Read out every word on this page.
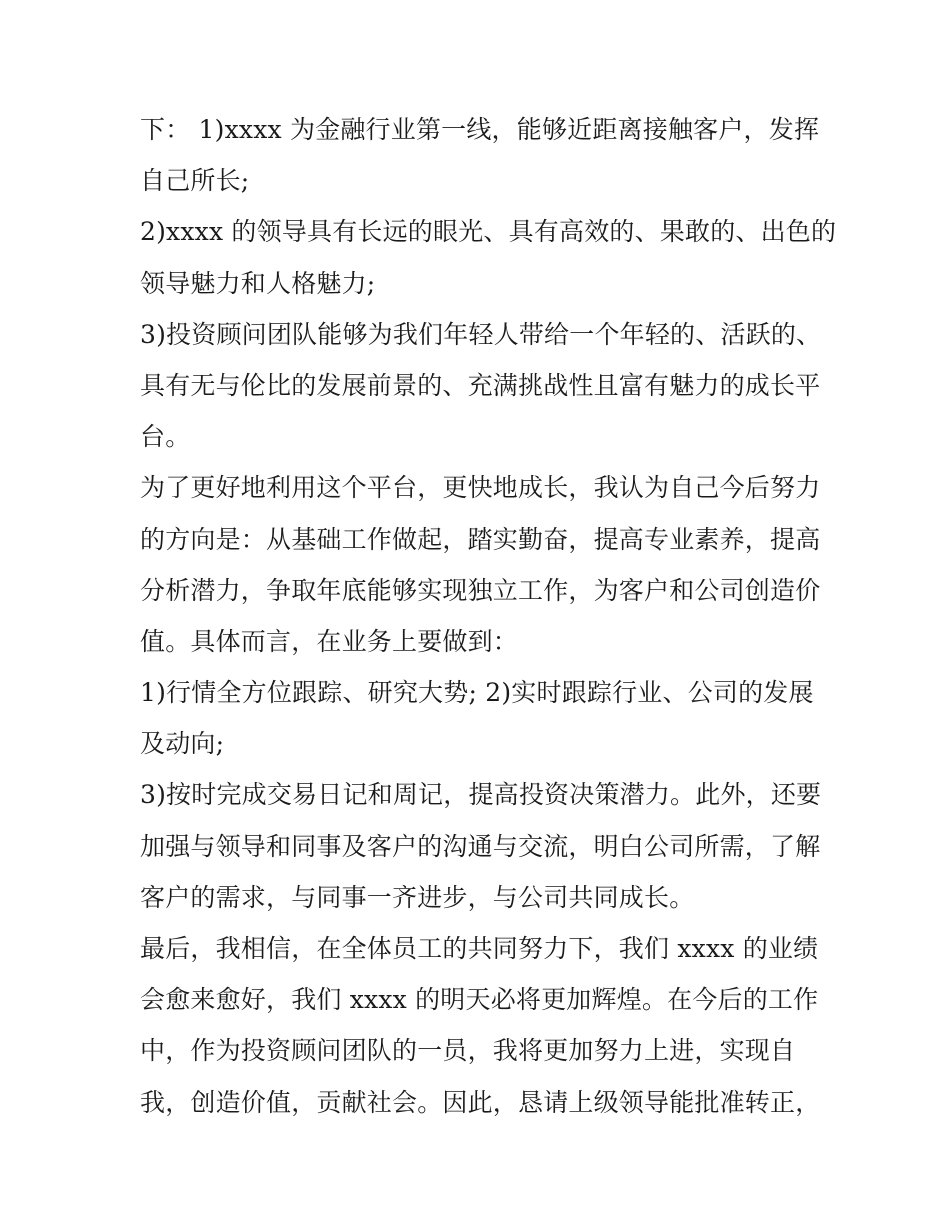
下： 1)xxxx 为金融行业第一线，能够近距离接触客户，发挥
自己所长;
2)xxxx 的领导具有长远的眼光、具有高效的、果敢的、出色的
领导魅力和人格魅力;
3)投资顾问团队能够为我们年轻人带给一个年轻的、活跃的、
具有无与伦比的发展前景的、充满挑战性且富有魅力的成长平
台。
为了更好地利用这个平台，更快地成长，我认为自己今后努力
的方向是：从基础工作做起，踏实勤奋，提高专业素养，提高
分析潜力，争取年底能够实现独立工作，为客户和公司创造价
值。具体而言，在业务上要做到：
1)行情全方位跟踪、研究大势; 2)实时跟踪行业、公司的发展
及动向;
3)按时完成交易日记和周记，提高投资决策潜力。此外，还要
加强与领导和同事及客户的沟通与交流，明白公司所需，了解
客户的需求，与同事一齐进步，与公司共同成长。
最后，我相信，在全体员工的共同努力下，我们 xxxx 的业绩
会愈来愈好，我们 xxxx 的明天必将更加辉煌。在今后的工作
中，作为投资顾问团队的一员，我将更加努力上进，实现自
我，创造价值，贡献社会。因此，恳请上级领导能批准转正，
